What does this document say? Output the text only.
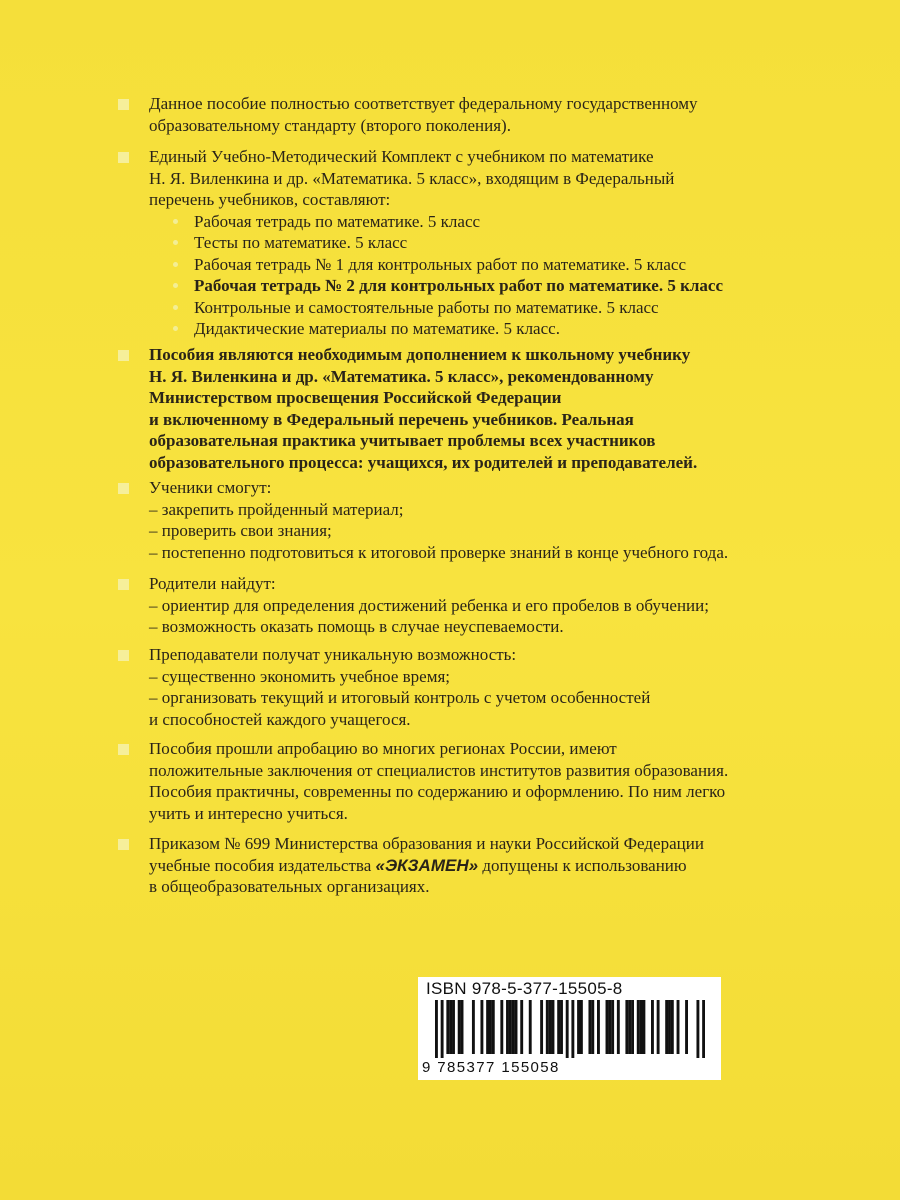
Данное пособие полностью соответствует федеральному государственному
образовательному стандарту (второго поколения).
Единый Учебно-Методический Комплект с учебником по математике
Н. Я. Виленкина и др. «Математика. 5 класс», входящим в Федеральный
перечень учебников, составляют:
Рабочая тетрадь по математике. 5 класс
Тесты по математике. 5 класс
Рабочая тетрадь № 1 для контрольных работ по математике. 5 класс
Рабочая тетрадь № 2 для контрольных работ по математике. 5 класс
Контрольные и самостоятельные работы по математике. 5 класс
Дидактические материалы по математике. 5 класс.
Пособия являются необходимым дополнением к школьному учебнику
Н. Я. Виленкина и др. «Математика. 5 класс», рекомендованному
Министерством просвещения Российской Федерации
и включенному в Федеральный перечень учебников. Реальная
образовательная практика учитывает проблемы всех участников
образовательного процесса: учащихся, их родителей и преподавателей.
Ученики смогут:
– закрепить пройденный материал;
– проверить свои знания;
– постепенно подготовиться к итоговой проверке знаний в конце учебного года.
Родители найдут:
– ориентир для определения достижений ребенка и его пробелов в обучении;
– возможность оказать помощь в случае неуспеваемости.
Преподаватели получат уникальную возможность:
– существенно экономить учебное время;
– организовать текущий и итоговый контроль с учетом особенностей
и способностей каждого учащегося.
Пособия прошли апробацию во многих регионах России, имеют
положительные заключения от специалистов институтов развития образования.
Пособия практичны, современны по содержанию и оформлению. По ним легко
учить и интересно учиться.
Приказом № 699 Министерства образования и науки Российской Федерации
учебные пособия издательства «ЭКЗАМЕН» допущены к использованию
в общеобразовательных организациях.
ISBN 978-5-377-15505-8
9 785377 155058
